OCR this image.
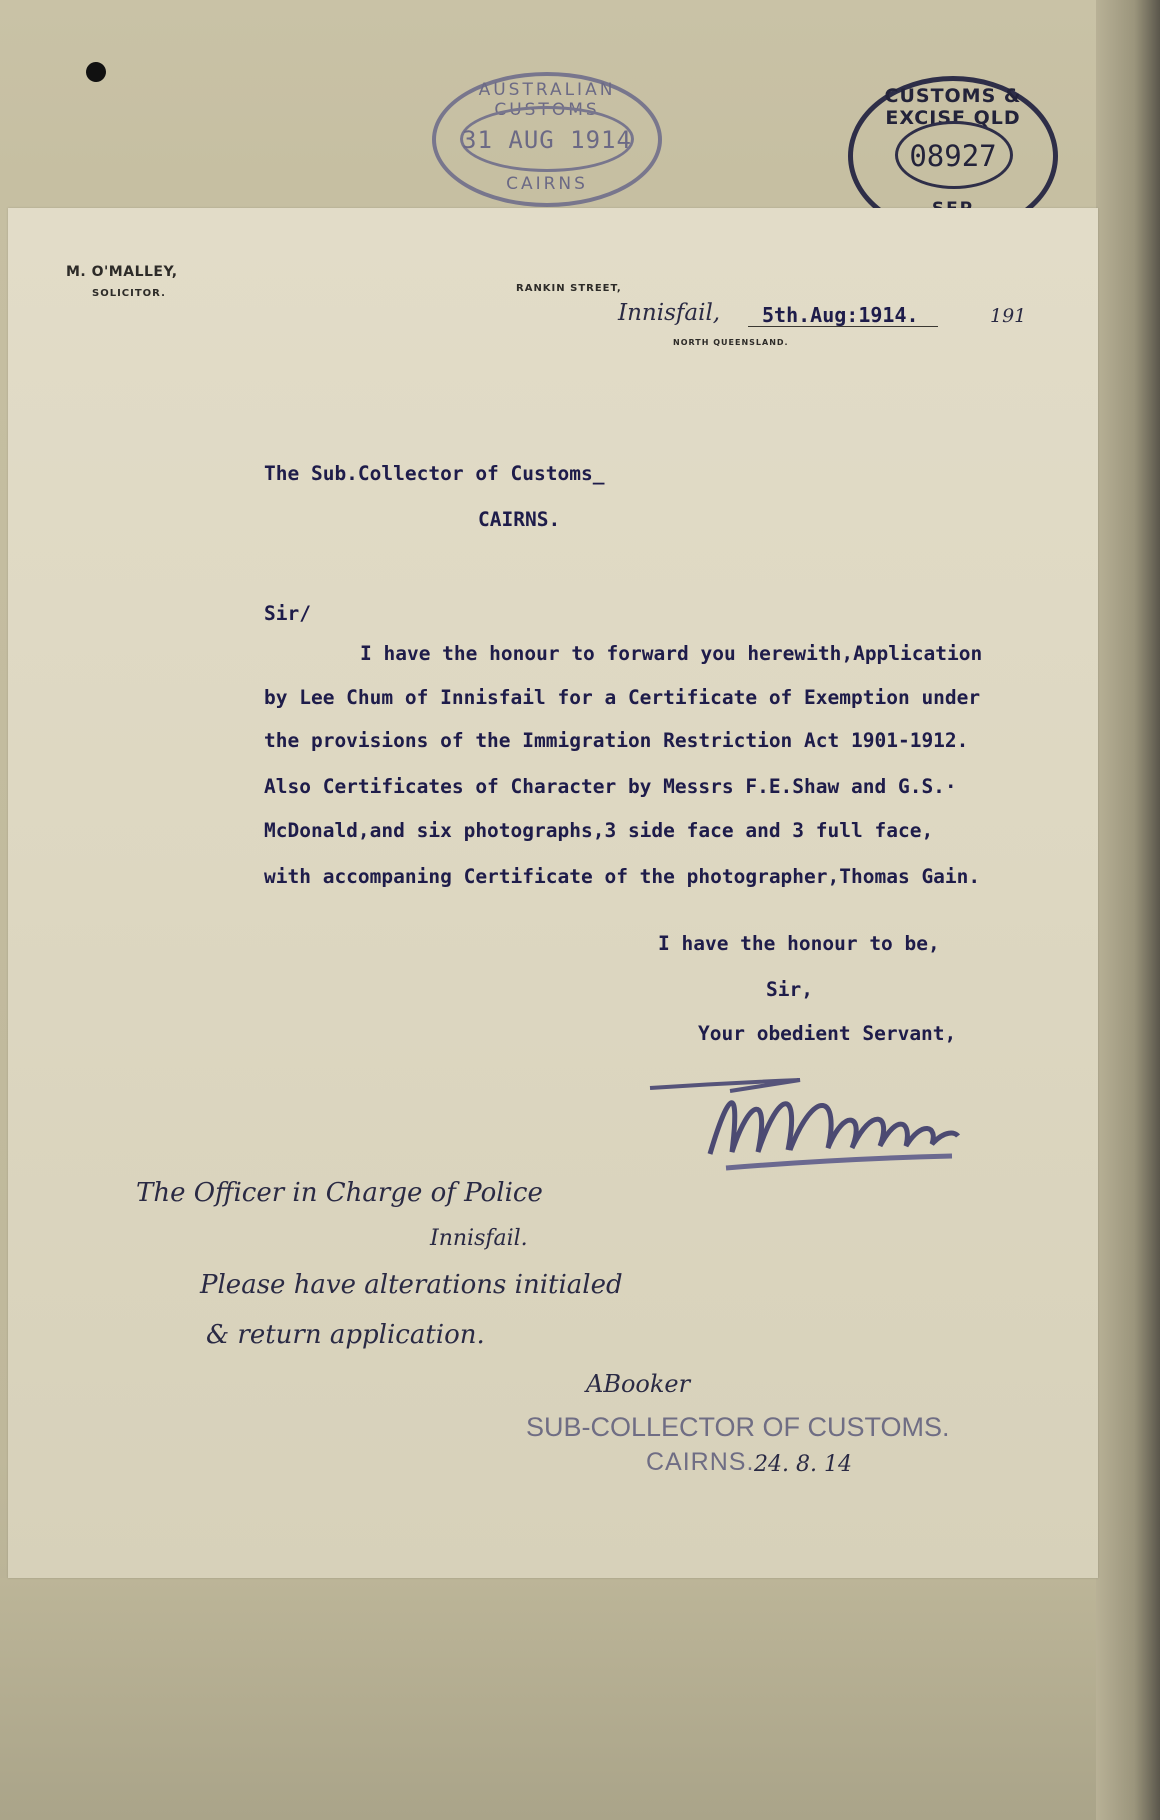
AUSTRALIAN CUSTOMS
31 AUG 1914
CAIRNS
CUSTOMS & EXCISE QLD
08927
M. O'MALLEY,
SOLICITOR.	RANKIN STREET,
Innisfail, 5th.Aug:1914.	191
NORTH QUEENSLAND.
The Sub.Collector of Customs_
CAIRNS.
Sir/
I have the honour to forward you herewith,Application
by Lee Chum of Innisfail for a Certificate of Exemption under
the provisions of the Immigration Restriction Act 1901-1912.
Also Certificates of Character by Messrs F.E.Shaw and G.S.·
McDonald,and six photographs,3 side face and 3 full face,
with accompaning Certificate of the photographer,Thomas Gain.
I have the honour to be,
Sir,
Your obedient Servant,
The Officer in Charge of Police
Innisfail.
Please have alterations initialed
& return application.
ABooker
SUB-COLLECTOR OF CUSTOMS.
CAIRNS. 24. 8. 14
